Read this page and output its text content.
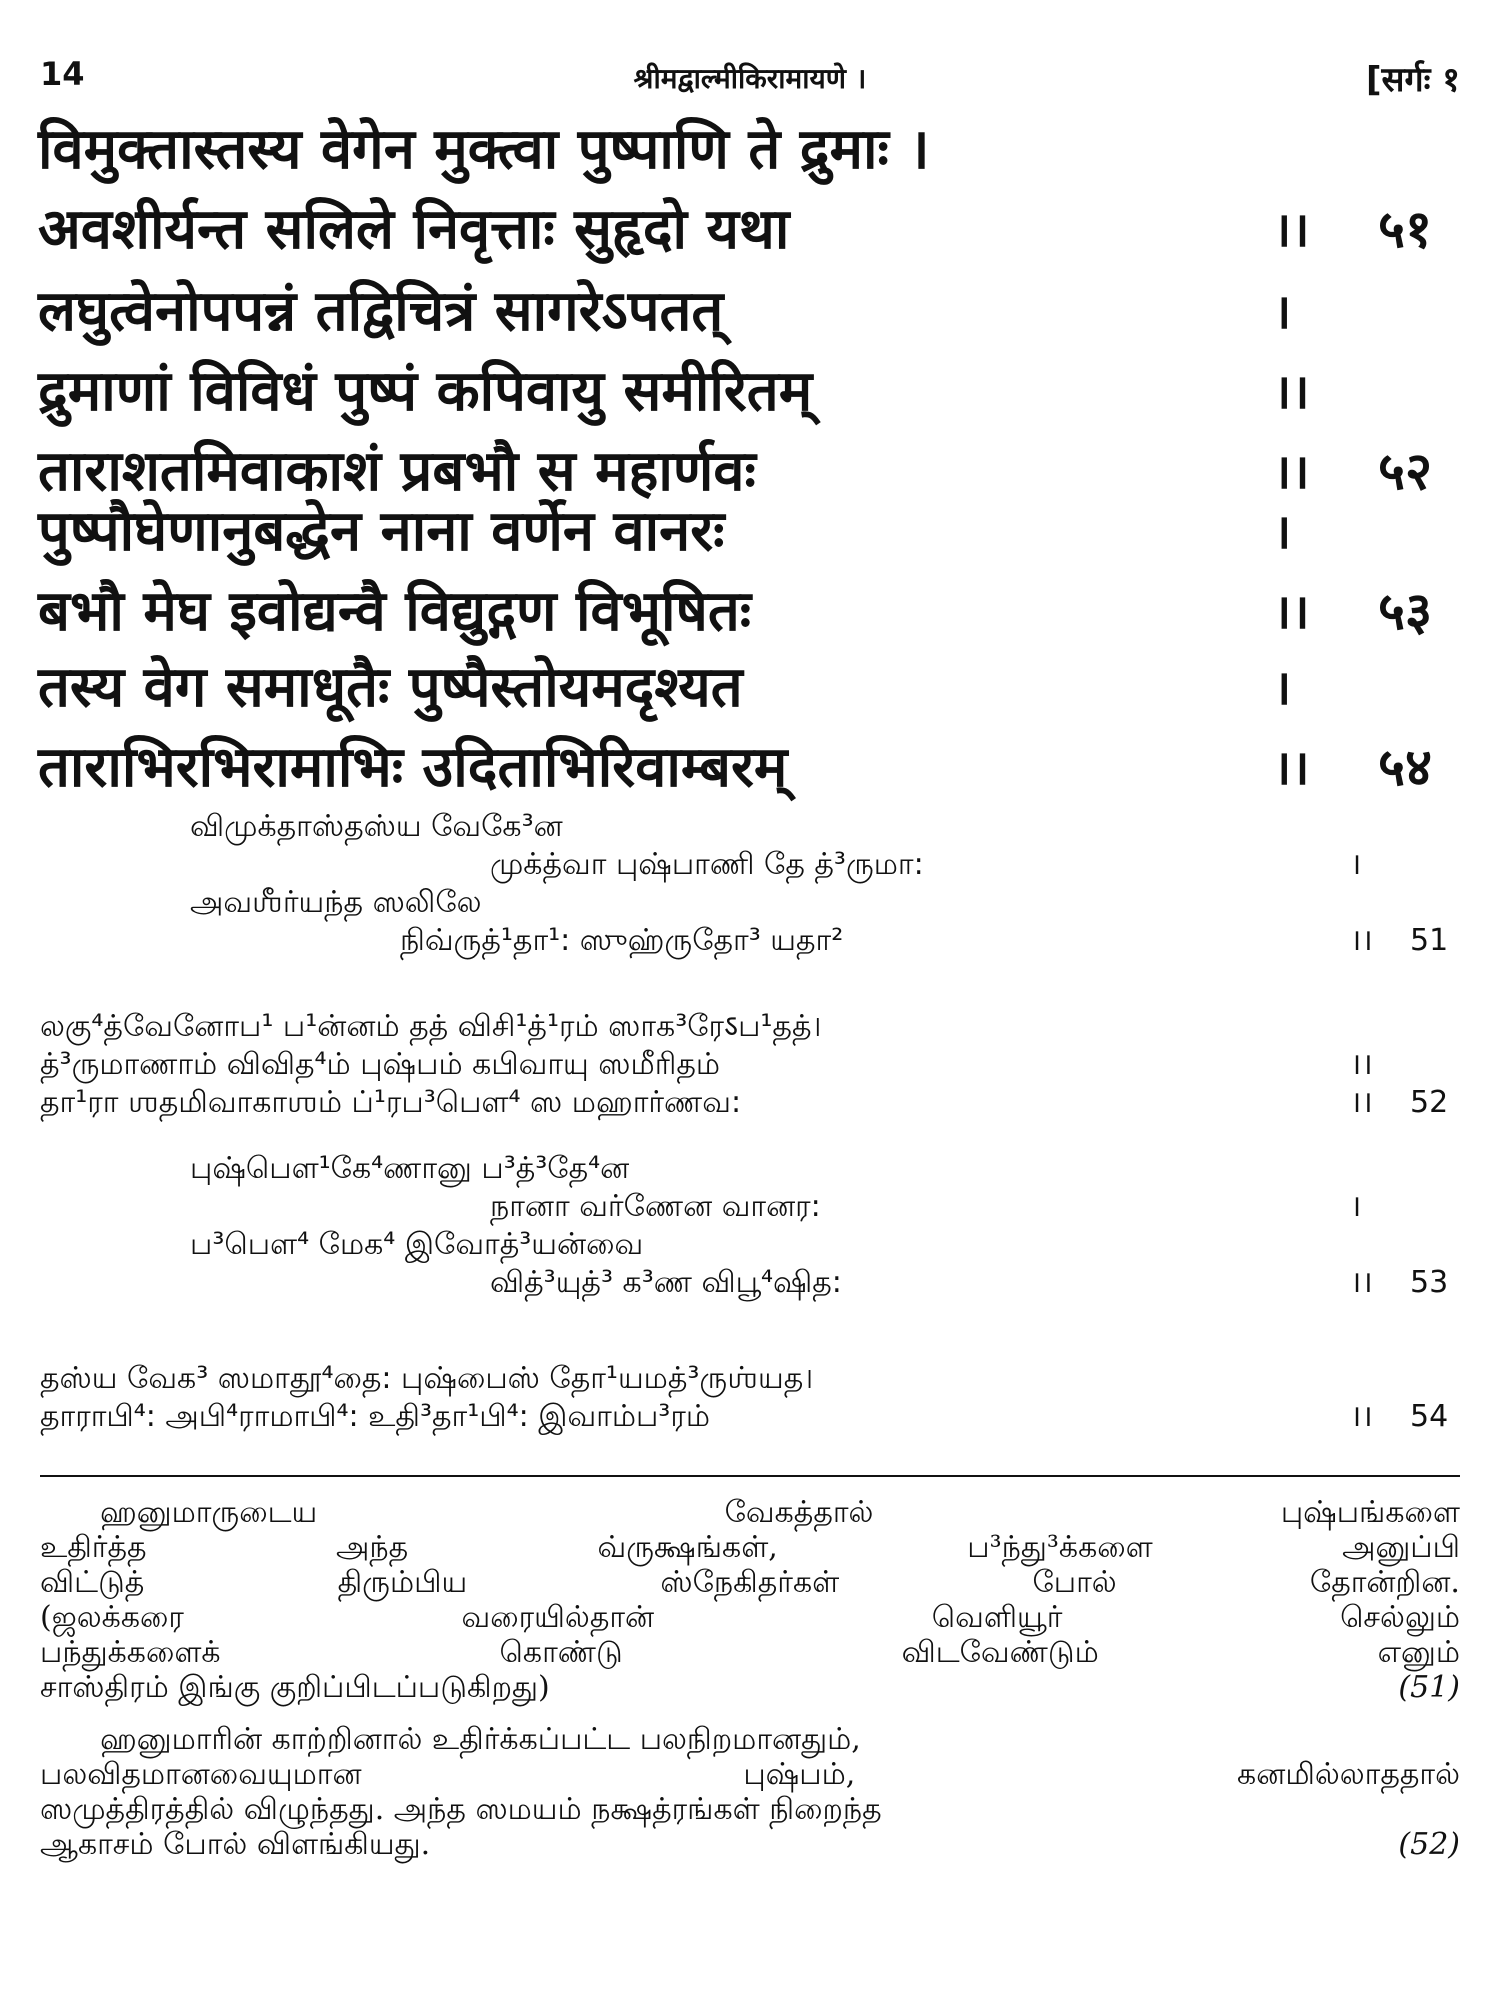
14	श्रीमद्वाल्मीकिरामायणे ।	[सर्गः १
विमुक्तास्तस्य वेगेन मुक्त्वा पुष्पाणि ते द्रुमाः ।
अवशीर्यन्त सलिले निवृत्ताः सुहृदो यथा	।। ५१
लघुत्वेनोपपन्नं तद्विचित्रं सागरेऽपतत्	।
द्रुमाणां विविधं पुष्पं कपिवायु समीरितम्	।।
ताराशतमिवाकाशं प्रबभौ स महार्णवः	।। ५२
पुष्पौघेणानुबद्धेन नाना वर्णेन वानरः	।
बभौ मेघ इवोद्यन्वै विद्युद्गण विभूषितः	।। ५३
तस्य वेग समाधूतैः पुष्पैस्तोयमदृश्यत	।
ताराभिरभिरामाभिः उदिताभिरिवाम्बरम्	।। ५४
விமுக்தாஸ்தஸ்ய வேகே³ன
முக்த்வா புஷ்பாணி தே த்³ருமா:	।
அவஶீர்யந்த ஸலிலே
நிவ்ருத்¹தா¹: ஸுஹ்ருதோ³ யதா²	।। 51
லகு⁴த்வேனோப¹ ப¹ன்னம் தத் விசி¹த்¹ரம் ஸாக³ரேऽப¹தத்।
த்³ருமாணாம் விவித⁴ம் புஷ்பம் கபிவாயு ஸமீரிதம்	।।
தா¹ரா ஶதமிவாகாஶம் ப்¹ரப³பௌ⁴ ஸ மஹார்ணவ:	।। 52
புஷ்பௌ¹கே⁴ணானு ப³த்³தே⁴ன
நானா வர்ணேன வானர:	।
ப³பௌ⁴ மேக⁴ இவோத்³யன்வை
வித்³யுத்³ க³ண விபூ⁴ஷித:	।। 53
தஸ்ய வேக³ ஸமாதூ⁴தை: புஷ்பைஸ் தோ¹யமத்³ருஶ்யத।
தாராபி⁴: அபி⁴ராமாபி⁴: உதி³தா¹பி⁴: இவாம்ப³ரம்	।। 54
ஹனுமாருடைய	வேகத்தால்	புஷ்பங்களை
உதிர்த்த	அந்த	வ்ருக்ஷங்கள்,	ப³ந்து³க்களை	அனுப்பி
விட்டுத்	திரும்பிய	ஸ்நேகிதர்கள்	போல்	தோன்றின.
(ஜலக்கரை	வரையில்தான்	வெளியூர்	செல்லும்
பந்துக்களைக்	கொண்டு	விடவேண்டும்	எனும்
சாஸ்திரம் இங்கு குறிப்பிடப்படுகிறது)	(51)
ஹனுமாரின் காற்றினால் உதிர்க்கப்பட்ட பலநிறமானதும்,
பலவிதமானவையுமான	புஷ்பம்,	கனமில்லாததால்
ஸமுத்திரத்தில் விழுந்தது. அந்த ஸமயம் நக்ஷத்ரங்கள் நிறைந்த
ஆகாசம் போல் விளங்கியது.	(52)
